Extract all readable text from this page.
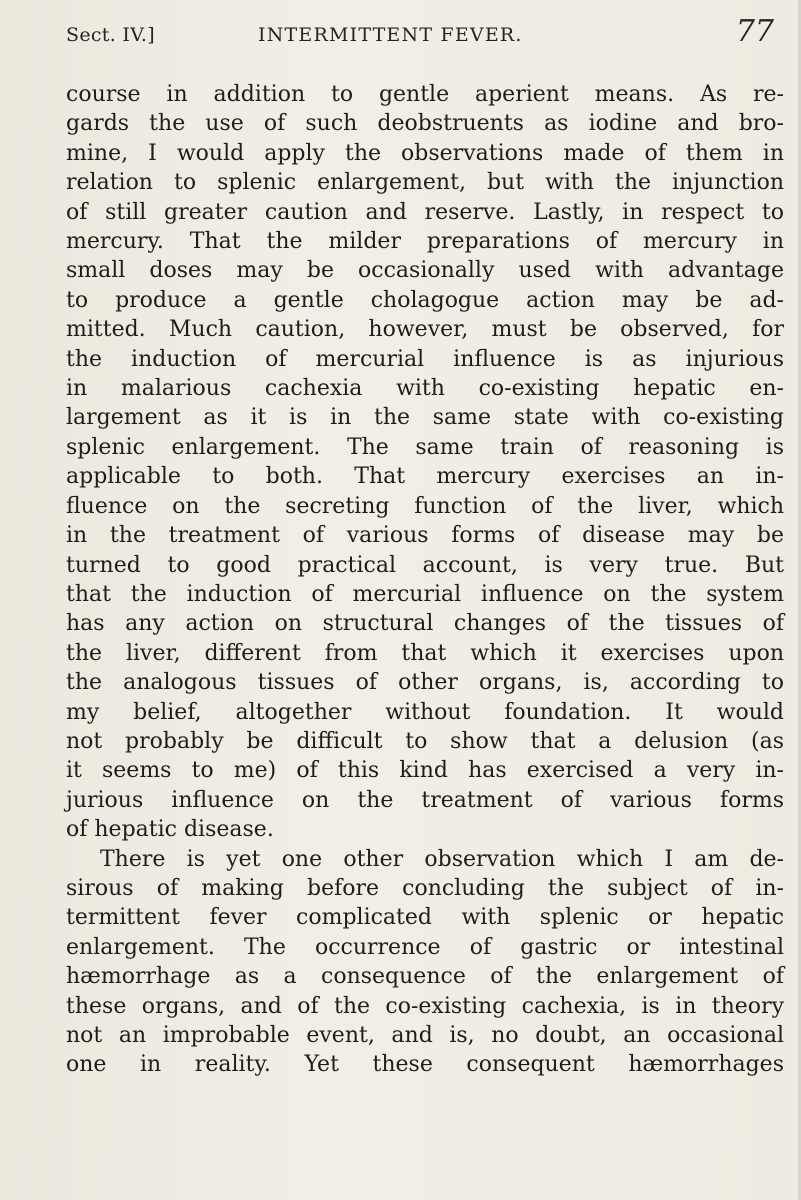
Sect. IV.]	INTERMITTENT FEVER.	77
course in addition to gentle aperient means. As re-
gards the use of such deobstruents as iodine and bro-
mine, I would apply the observations made of them in
relation to splenic enlargement, but with the injunction
of still greater caution and reserve. Lastly, in respect to
mercury. That the milder preparations of mercury in
small doses may be occasionally used with advantage
to produce a gentle cholagogue action may be ad-
mitted. Much caution, however, must be observed, for
the induction of mercurial influence is as injurious
in malarious cachexia with co-existing hepatic en-
largement as it is in the same state with co-existing
splenic enlargement. The same train of reasoning is
applicable to both. That mercury exercises an in-
fluence on the secreting function of the liver, which
in the treatment of various forms of disease may be
turned to good practical account, is very true. But
that the induction of mercurial influence on the system
has any action on structural changes of the tissues of
the liver, different from that which it exercises upon
the analogous tissues of other organs, is, according to
my belief, altogether without foundation. It would
not probably be difficult to show that a delusion (as
it seems to me) of this kind has exercised a very in-
jurious influence on the treatment of various forms
of hepatic disease.
There is yet one other observation which I am de-
sirous of making before concluding the subject of in-
termittent fever complicated with splenic or hepatic
enlargement. The occurrence of gastric or intestinal
hæmorrhage as a consequence of the enlargement of
these organs, and of the co-existing cachexia, is in theory
not an improbable event, and is, no doubt, an occasional
one in reality. Yet these consequent hæmorrhages
